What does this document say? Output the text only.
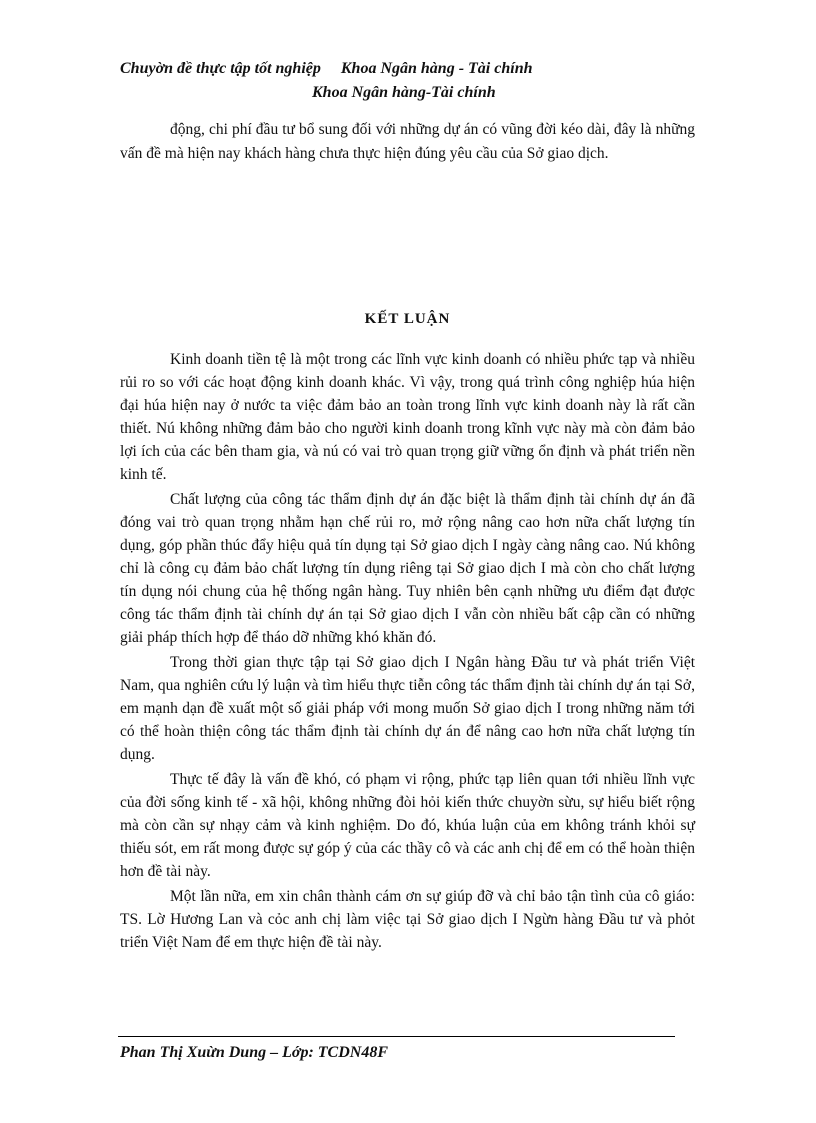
Chuyờn đề thực tập tốt nghiệp Khoa Ngân hàng - Tài chính
Khoa Ngân hàng-Tài chính

động, chi phí đầu tư bổ sung đối với những dự án có vũng đời kéo dài, đây là những vấn đề mà hiện nay khách hàng chưa thực hiện đúng yêu cầu của Sở giao dịch.

KẾT LUẬN

Kinh doanh tiền tệ là một trong các lĩnh vực kinh doanh có nhiều phức tạp và nhiều rủi ro so với các hoạt động kinh doanh khác. Vì vậy, trong quá trình công nghiệp húa hiện đại húa hiện nay ở nước ta việc đảm bảo an toàn trong lĩnh vực kinh doanh này là rất cần thiết. Nú không những đảm bảo cho người kinh doanh trong kĩnh vực này mà còn đảm bảo lợi ích của các bên tham gia, và nú có vai trò quan trọng giữ vững ổn định và phát triển nền kinh tế.

Chất lượng của công tác thẩm định dự án đặc biệt là thẩm định tài chính dự án đã đóng vai trò quan trọng nhằm hạn chế rủi ro, mở rộng nâng cao hơn nữa chất lượng tín dụng, góp phần thúc đẩy hiệu quả tín dụng tại Sở giao dịch I ngày càng nâng cao. Nú không chỉ là công cụ đảm bảo chất lượng tín dụng riêng tại Sở giao dịch I mà còn cho chất lượng tín dụng nói chung của hệ thống ngân hàng. Tuy nhiên bên cạnh những ưu điểm đạt được công tác thẩm định tài chính dự án tại Sở giao dịch I vẫn còn nhiều bất cập cần có những giải pháp thích hợp để tháo dỡ những khó khăn đó.

Trong thời gian thực tập tại Sở giao dịch I Ngân hàng Đầu tư và phát triển Việt Nam, qua nghiên cứu lý luận và tìm hiểu thực tiễn công tác thẩm định tài chính dự án tại Sở, em mạnh dạn đề xuất một số giải pháp với mong muốn Sở giao dịch I trong những năm tới có thể hoàn thiện công tác thẩm định tài chính dự án để nâng cao hơn nữa chất lượng tín dụng.

Thực tế đây là vấn đề khó, có phạm vi rộng, phức tạp liên quan tới nhiều lĩnh vực của đời sống kinh tế - xã hội, không những đòi hỏi kiến thức chuyờn sừu, sự hiểu biết rộng mà còn cần sự nhạy cảm và kinh nghiệm. Do đó, khúa luận của em không tránh khỏi sự thiếu sót, em rất mong được sự góp ý của các thầy cô và các anh chị để em có thể hoàn thiện hơn đề tài này.

Một lần nữa, em xin chân thành cám ơn sự giúp đỡ và chỉ bảo tận tình của cô giáo: TS. Lờ Hương Lan và cỏc anh chị làm việc tại Sở giao dịch I Ngừn hàng Đầu tư và phỏt triển Việt Nam để em thực hiện đề tài này.

Phan Thị Xuừn Dung – Lớp: TCDN48F
